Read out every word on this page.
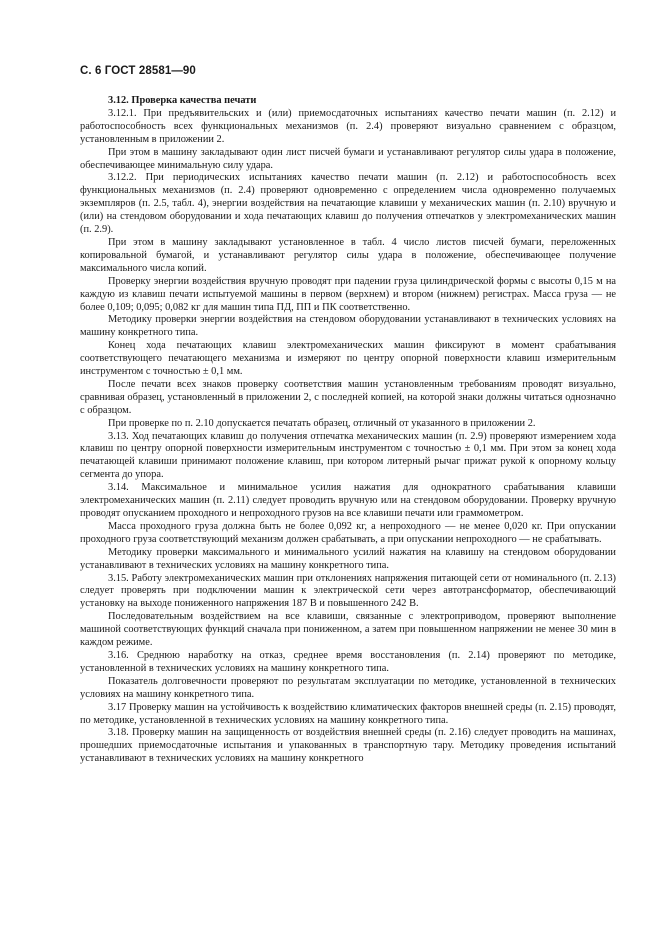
С. 6 ГОСТ 28581—90

3.12. Проверка качества печати

3.12.1. При предъявительских и (или) приемосдаточных испытаниях качество печати машин (п. 2.12) и работоспособность всех функциональных механизмов (п. 2.4) проверяют визуально сравнением с образцом, установленным в приложении 2.

При этом в машину закладывают один лист писчей бумаги и устанавливают регулятор силы удара в положение, обеспечивающее минимальную силу удара.

3.12.2. При периодических испытаниях качество печати машин (п. 2.12) и работоспособность всех функциональных механизмов (п. 2.4) проверяют одновременно с определением числа одновременно получаемых экземпляров (п. 2.5, табл. 4), энергии воздействия на печатающие клавиши у механических машин (п. 2.10) вручную и (или) на стендовом оборудовании и хода печатающих клавиш до получения отпечатков у электромеханических машин (п. 2.9).

При этом в машину закладывают установленное в табл. 4 число листов писчей бумаги, переложенных копировальной бумагой, и устанавливают регулятор силы удара в положение, обеспечивающее получение максимального числа копий.

Проверку энергии воздействия вручную проводят при падении груза цилиндрической формы с высоты 0,15 м на каждую из клавиш печати испытуемой машины в первом (верхнем) и втором (нижнем) регистрах. Масса груза — не более 0,109; 0,095; 0,082 кг для машин типа ПД, ПП и ПК соответственно.

Методику проверки энергии воздействия на стендовом оборудовании устанавливают в технических условиях на машину конкретного типа.

Конец хода печатающих клавиш электромеханических машин фиксируют в момент срабатывания соответствующего печатающего механизма и измеряют по центру опорной поверхности клавиш измерительным инструментом с точностью ± 0,1 мм.

После печати всех знаков проверку соответствия машин установленным требованиям проводят визуально, сравнивая образец, установленный в приложении 2, с последней копией, на которой знаки должны читаться однозначно с образцом.

При проверке по п. 2.10 допускается печатать образец, отличный от указанного в приложении 2.

3.13. Ход печатающих клавиш до получения отпечатка механических машин (п. 2.9) проверяют измерением хода клавиш по центру опорной поверхности измерительным инструментом с точностью ± 0,1 мм. При этом за конец хода печатающей клавиши принимают положение клавиш, при котором литерный рычаг прижат рукой к опорному кольцу сегмента до упора.

3.14. Максимальное и минимальное усилия нажатия для однократного срабатывания клавиши электромеханических машин (п. 2.11) следует проводить вручную или на стендовом оборудовании. Проверку вручную проводят опусканием проходного и непроходного грузов на все клавиши печати или граммометром.

Масса проходного груза должна быть не более 0,092 кг, а непроходного — не менее 0,020 кг. При опускании проходного груза соответствующий механизм должен срабатывать, а при опускании непроходного — не срабатывать.

Методику проверки максимального и минимального усилий нажатия на клавишу на стендовом оборудовании устанавливают в технических условиях на машину конкретного типа.

3.15. Работу электромеханических машин при отклонениях напряжения питающей сети от номинального (п. 2.13) следует проверять при подключении машин к электрической сети через автотрансформатор, обеспечивающий установку на выходе пониженного напряжения 187 В и повышенного 242 В.

Последовательным воздействием на все клавиши, связанные с электроприводом, проверяют выполнение машиной соответствующих функций сначала при пониженном, а затем при повышенном напряжении не менее 30 мин в каждом режиме.

3.16. Среднюю наработку на отказ, среднее время восстановления (п. 2.14) проверяют по методике, установленной в технических условиях на машину конкретного типа.

Показатель долговечности проверяют по результатам эксплуатации по методике, установленной в технических условиях на машину конкретного типа.

3.17 Проверку машин на устойчивость к воздействию климатических факторов внешней среды (п. 2.15) проводят, по методике, установленной в технических условиях на машину конкретного типа.

3.18. Проверку машин на защищенность от воздействия внешней среды (п. 2.16) следует проводить на машинах, прошедших приемосдаточные испытания и упакованных в транспортную тару. Методику проведения испытаний устанавливают в технических условиях на машину конкретного
